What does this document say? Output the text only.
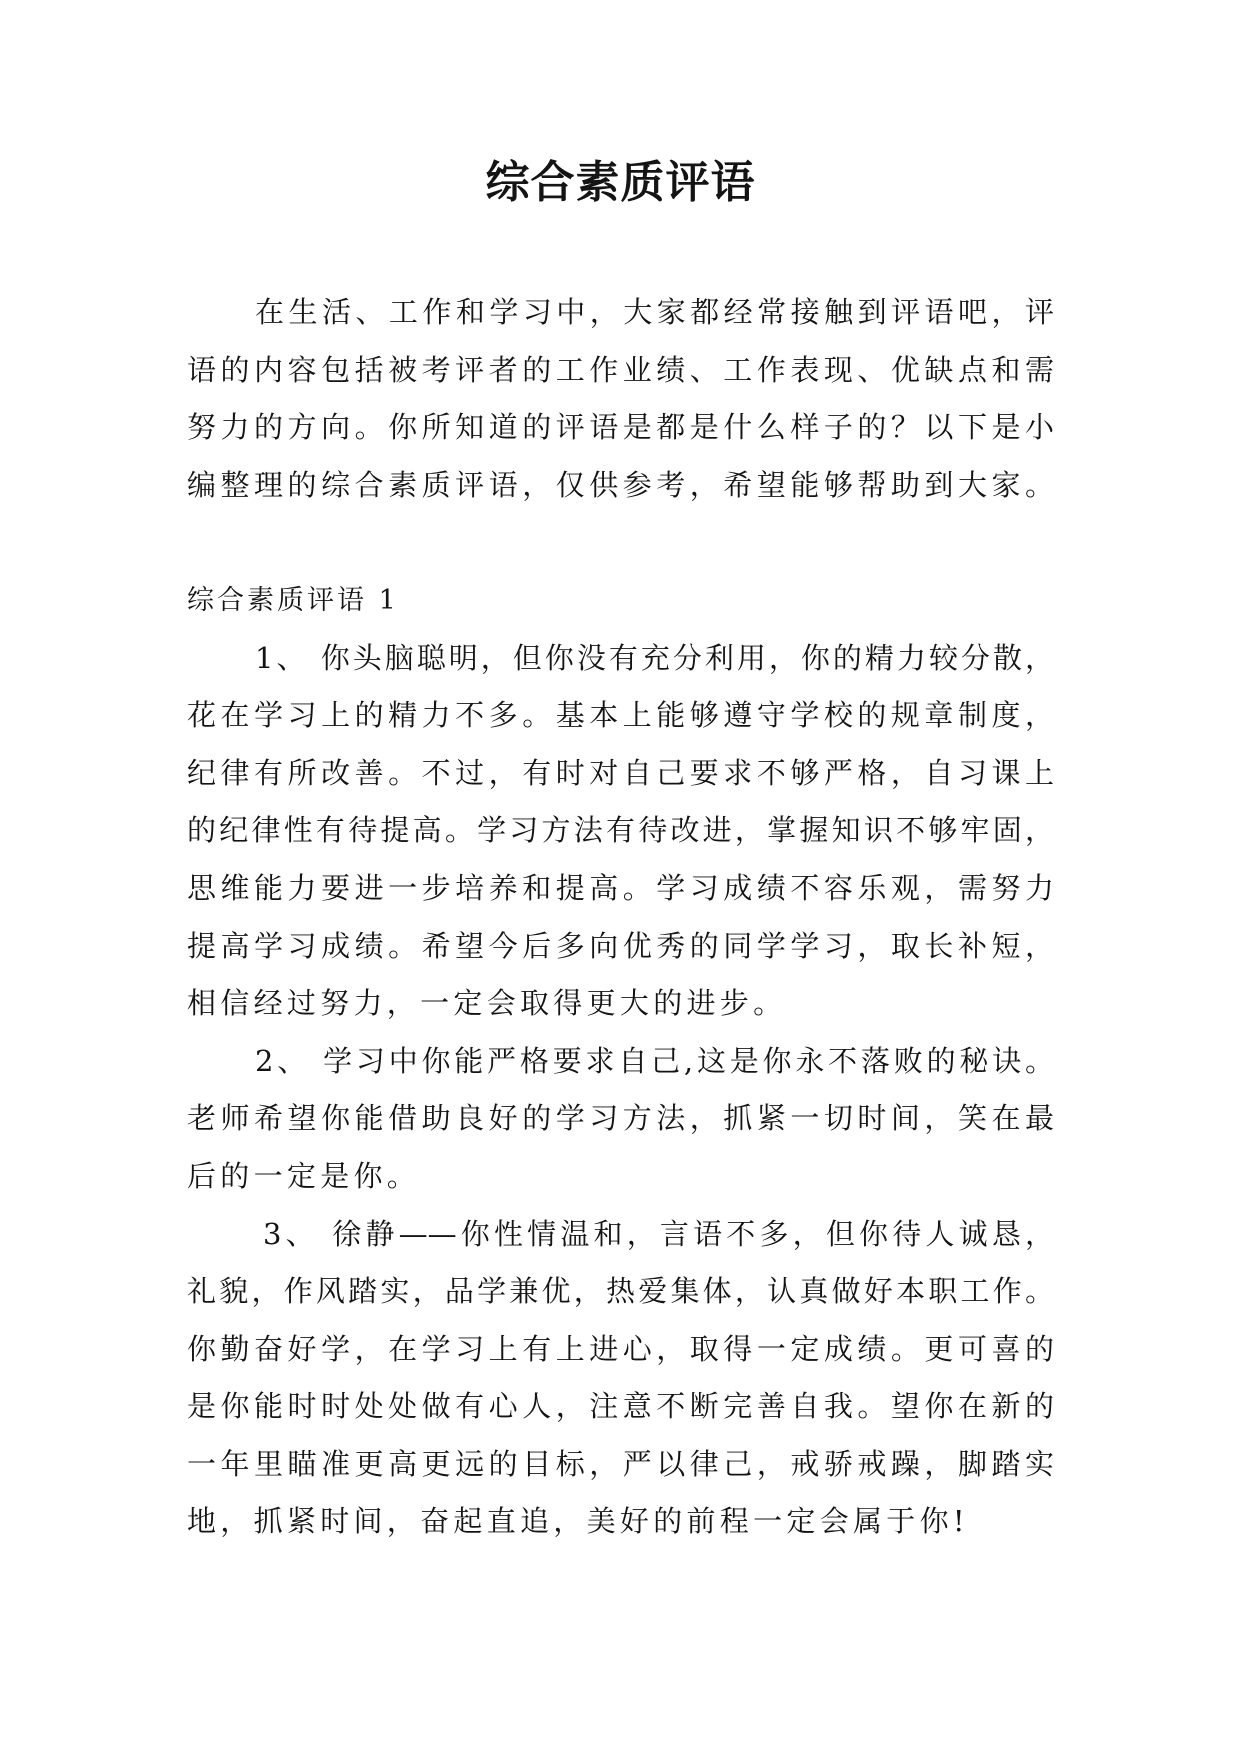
综合素质评语
在生活、工作和学习中，大家都经常接触到评语吧，评
语的内容包括被考评者的工作业绩、工作表现、优缺点和需
努力的方向。你所知道的评语是都是什么样子的？以下是小
编整理的综合素质评语，仅供参考，希望能够帮助到大家。
综合素质评语 1
1、 你头脑聪明，但你没有充分利用，你的精力较分散，
花在学习上的精力不多。基本上能够遵守学校的规章制度，
纪律有所改善。不过，有时对自己要求不够严格，自习课上
的纪律性有待提高。学习方法有待改进，掌握知识不够牢固，
思维能力要进一步培养和提高。学习成绩不容乐观，需努力
提高学习成绩。希望今后多向优秀的同学学习，取长补短，
相信经过努力，一定会取得更大的进步。
2、 学习中你能严格要求自己,这是你永不落败的秘诀。
老师希望你能借助良好的学习方法，抓紧一切时间，笑在最
后的一定是你。
3、 徐静——你性情温和，言语不多，但你待人诚恳，
礼貌，作风踏实，品学兼优，热爱集体，认真做好本职工作。
你勤奋好学，在学习上有上进心，取得一定成绩。更可喜的
是你能时时处处做有心人，注意不断完善自我。望你在新的
一年里瞄准更高更远的目标，严以律己，戒骄戒躁，脚踏实
地，抓紧时间，奋起直追，美好的前程一定会属于你!
